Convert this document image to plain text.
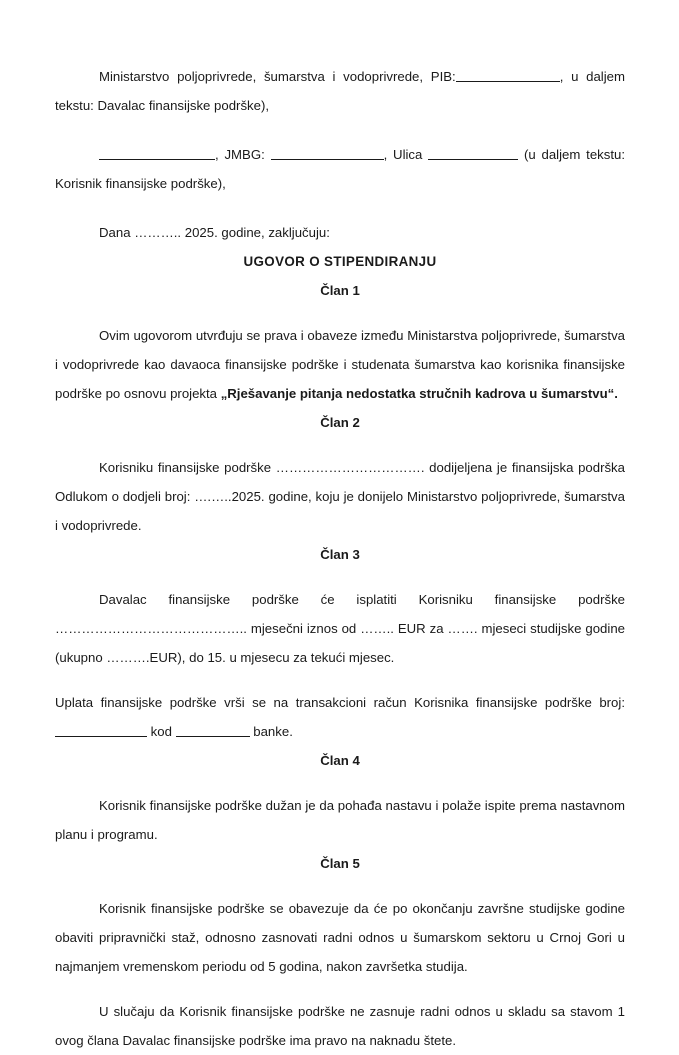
Ministarstvo poljoprivrede, šumarstva i vodoprivrede, PIB:	, u daljem tekstu: Davalac finansijske podrške),

, JMBG:	, Ulica	(u daljem tekstu: Korisnik finansijske podrške),

Dana ……….. 2025. godine, zaključuju:

UGOVOR O STIPENDIRANJU

Član 1

Ovim ugovorom utvrđuju se prava i obaveze između Ministarstva poljoprivrede, šumarstva i vodoprivrede kao davaoca finansijske podrške i studenata šumarstva kao korisnika finansijske podrške po osnovu projekta „Rješavanje pitanja nedostatka stručnih kadrova u šumarstvu“.

Član 2

Korisniku finansijske podrške ……………………………. dodijeljena je finansijska podrška Odlukom o dodjeli broj: ….…..2025. godine, koju je donijelo Ministarstvo poljoprivrede, šumarstva i vodoprivrede.

Član 3

Davalac finansijske podrške će isplatiti Korisniku finansijske podrške …………………………………….. mjesečni iznos od …….. EUR za ……. mjeseci studijske godine (ukupno ……….EUR), do 15. u mjesecu za tekući mjesec.

Uplata finansijske podrške vrši se na transakcioni račun Korisnika finansijske podrške broj:  kod	banke.

Član 4

Korisnik finansijske podrške dužan je da pohađa nastavu i polaže ispite prema nastavnom planu i programu.

Član 5

Korisnik finansijske podrške se obavezuje da će po okončanju završne studijske godine obaviti pripravnički staž, odnosno zasnovati radni odnos u šumarskom sektoru u Crnoj Gori u najmanjem vremenskom periodu od 5 godina, nakon završetka studija.

U slučaju da Korisnik finansijske podrške ne zasnuje radni odnos u skladu sa stavom 1 ovog člana Davalac finansijske podrške ima pravo na naknadu štete.
